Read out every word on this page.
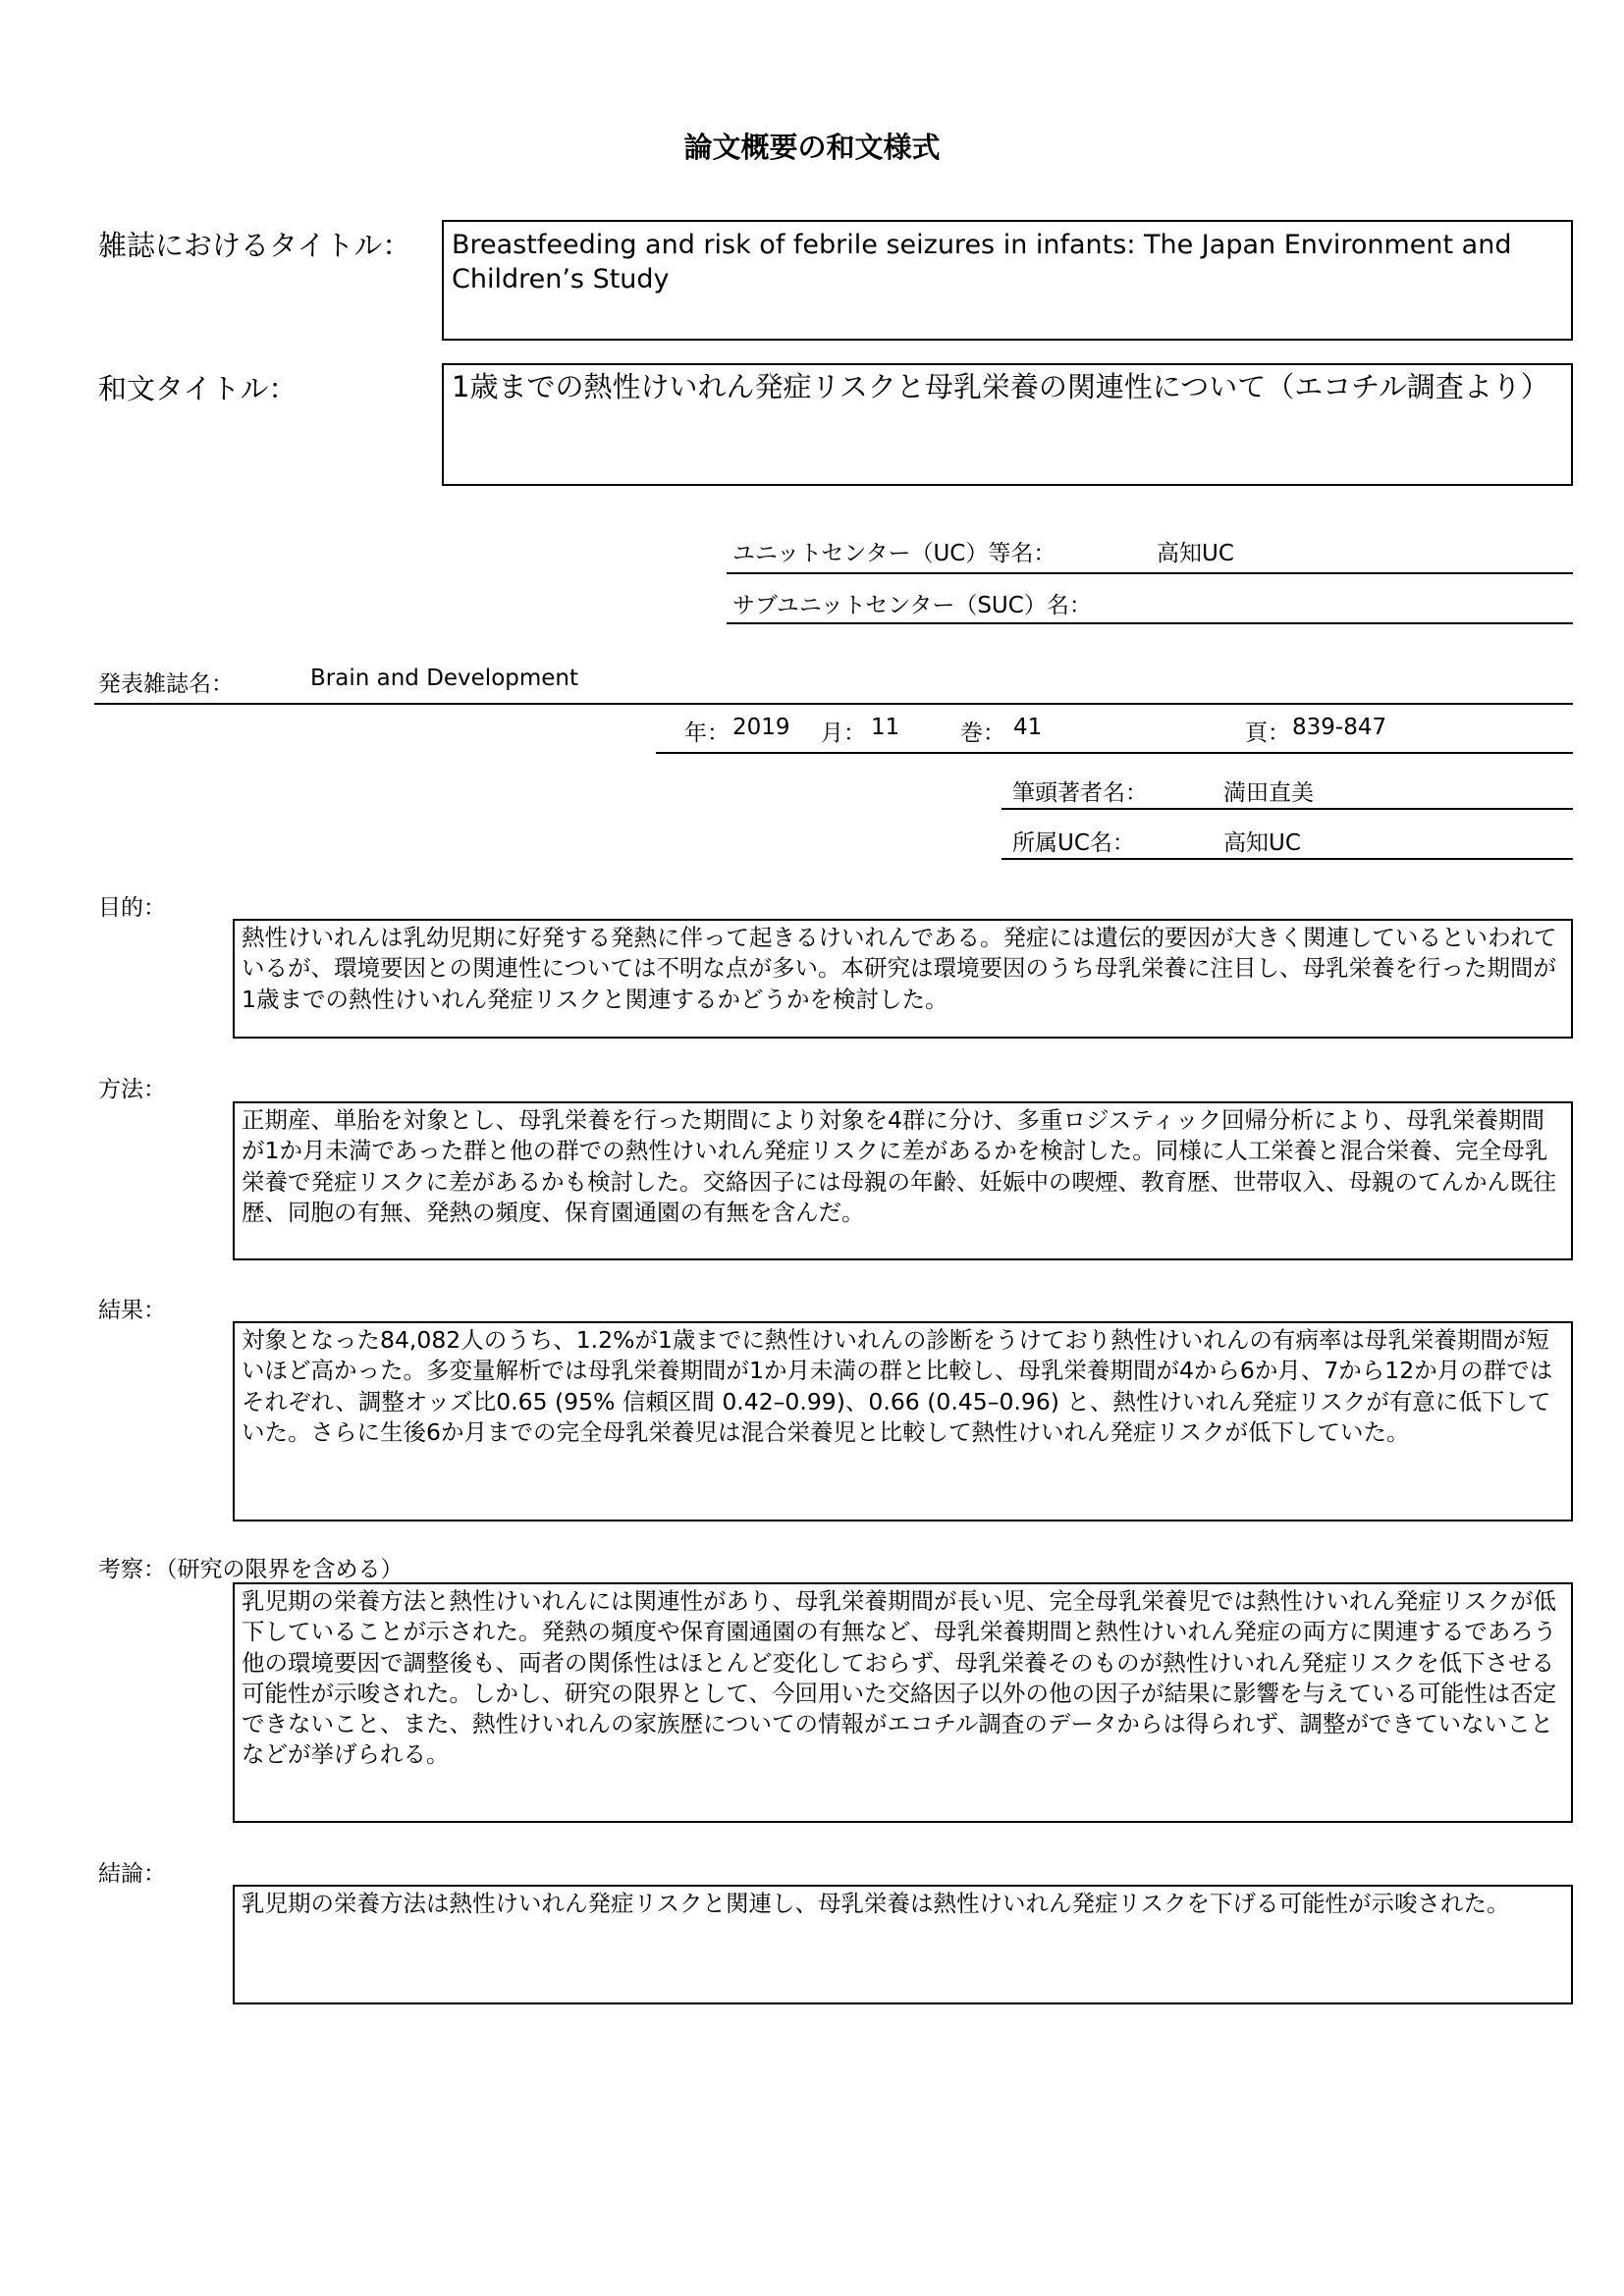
論文概要の和文様式
雑誌におけるタイトル：	Breastfeeding and risk of febrile seizures in infants: The Japan Environment and Children’s Study
和文タイトル：	1歳までの熱性けいれん発症リスクと母乳栄養の関連性について（エコチル調査より）
ユニットセンター（UC）等名：	高知UC
サブユニットセンター（SUC）名：
発表雑誌名：	Brain and Development
年： 2019 月： 11	巻： 41	頁： 839-847
筆頭著者名：	満田直美
所属UC名：	高知UC
目的：
熱性けいれんは乳幼児期に好発する発熱に伴って起きるけいれんである。発症には遺伝的要因が大きく関連しているといわれているが、環境要因との関連性については不明な点が多い。本研究は環境要因のうち母乳栄養に注目し、母乳栄養を行った期間が1歳までの熱性けいれん発症リスクと関連するかどうかを検討した。
方法：
正期産、単胎を対象とし、母乳栄養を行った期間により対象を4群に分け、多重ロジスティック回帰分析により、母乳栄養期間が1か月未満であった群と他の群での熱性けいれん発症リスクに差があるかを検討した。同様に人工栄養と混合栄養、完全母乳栄養で発症リスクに差があるかも検討した。交絡因子には母親の年齢、妊娠中の喫煙、教育歴、世帯収入、母親のてんかん既往歴、同胞の有無、発熱の頻度、保育園通園の有無を含んだ。
結果：
対象となった84,082人のうち、1.2%が1歳までに熱性けいれんの診断をうけており熱性けいれんの有病率は母乳栄養期間が短いほど高かった。多変量解析では母乳栄養期間が1か月未満の群と比較し、母乳栄養期間が4から6か月、7から12か月の群ではそれぞれ、調整オッズ比0.65 (95% 信頼区間 0.42–0.99)、0.66 (0.45–0.96) と、熱性けいれん発症リスクが有意に低下していた。さらに生後6か月までの完全母乳栄養児は混合栄養児と比較して熱性けいれん発症リスクが低下していた。
考察：（研究の限界を含める）
乳児期の栄養方法と熱性けいれんには関連性があり、母乳栄養期間が長い児、完全母乳栄養児では熱性けいれん発症リスクが低下していることが示された。発熱の頻度や保育園通園の有無など、母乳栄養期間と熱性けいれん発症の両方に関連するであろう他の環境要因で調整後も、両者の関係性はほとんど変化しておらず、母乳栄養そのものが熱性けいれん発症リスクを低下させる可能性が示唆された。しかし、研究の限界として、今回用いた交絡因子以外の他の因子が結果に影響を与えている可能性は否定できないこと、また、熱性けいれんの家族歴についての情報がエコチル調査のデータからは得られず、調整ができていないことなどが挙げられる。
結論：
乳児期の栄養方法は熱性けいれん発症リスクと関連し、母乳栄養は熱性けいれん発症リスクを下げる可能性が示唆された。
